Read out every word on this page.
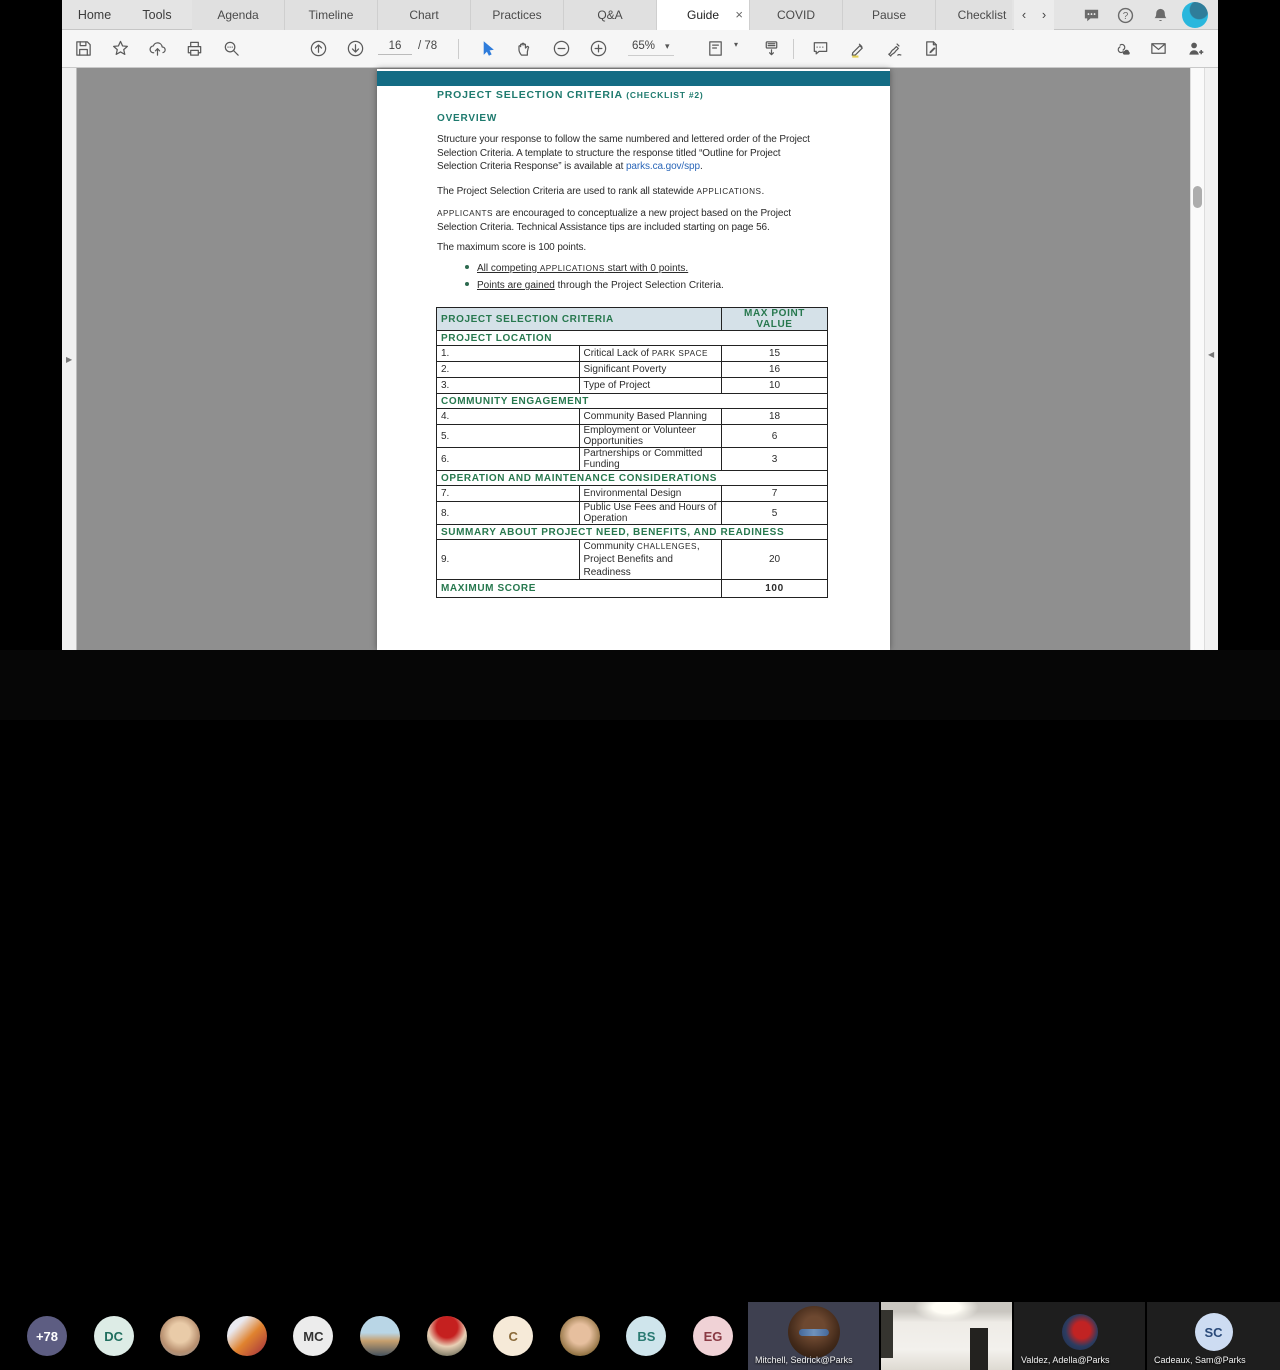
Agenda	Timeline	Chart	Practices	Q&A	Guide ×	COVID	Pause	Checklist	‹	›	?
Home	Tools
16 / 78	65% ▾	▾
▶
◀
PROJECT SELECTION CRITERIA (CHECKLIST #2)
OVERVIEW
Structure your response to follow the same numbered and lettered order of the Project
Selection Criteria. A template to structure the response titled “Outline for Project
Selection Criteria Response” is available at parks.ca.gov/spp.
The Project Selection Criteria are used to rank all statewide APPLICATIONS.
APPLICANTS are encouraged to conceptualize a new project based on the Project
Selection Criteria. Technical Assistance tips are included starting on page 56.
The maximum score is 100 points.
All competing APPLICATIONS start with 0 points.
Points are gained through the Project Selection Criteria.
PROJECT SELECTION CRITERIA		MAX POINT VALUE
PROJECT LOCATION		
1.	Critical Lack of PARK SPACE	15
2.	Significant Poverty	16
3.	Type of Project	10
COMMUNITY ENGAGEMENT		
4.	Community Based Planning	18
5.	Employment or Volunteer Opportunities	6
6.	Partnerships or Committed Funding	3
OPERATION AND MAINTENANCE CONSIDERATIONS		
7.	Environmental Design	7
8.	Public Use Fees and Hours of Operation	5
SUMMARY ABOUT PROJECT NEED, BENEFITS, AND READINESS		
9.	Community CHALLENGES, Project Benefits and Readiness	20
MAXIMUM SCORE		100
+78	DC	MC	C	BS	EG
Mitchell, Sedrick@Parks	Valdez, Adella@Parks
SC
Cadeaux, Sam@Parks
